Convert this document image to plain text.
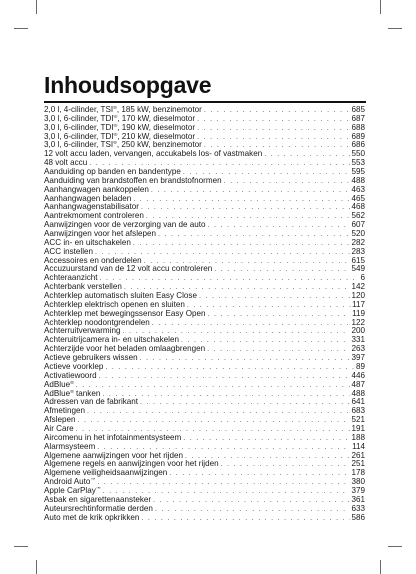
Inhoudsopgave
2,0 l, 4-cilinder, TSI®, 185 kW, benzinemotor . . .	685
3,0 l, 6-cilinder, TDI®, 170 kW, dieselmotor . . .	687
3,0 l, 6-cilinder, TDI®, 190 kW, dieselmotor . . .	688
3,0 l, 6-cilinder, TDI®, 210 kW, dieselmotor . . .	689
3,0 l, 6-cilinder, TSI®, 250 kW, benzinemotor . . .	686
12 volt accu laden, vervangen, accukabels los- of vastmaken . . .	550
48 volt accu . . .	553
Aanduiding op banden en bandentype . . .	595
Aanduiding van brandstoffen en brandstofnormen . . .	488
Aanhangwagen aankoppelen . . .	463
Aanhangwagen beladen . . .	465
Aanhangwagenstabilisator . . .	468
Aantrekmoment controleren . . .	562
Aanwijzingen voor de verzorging van de auto . . .	607
Aanwijzingen voor het afslepen . . .	520
ACC in- en uitschakelen . . .	282
ACC instellen . . .	283
Accessoires en onderdelen . . .	615
Accuzuurstand van de 12 volt accu controleren . . .	549
Achteraanzicht . . .	6
Achterbank verstellen . . .	142
Achterklep automatisch sluiten Easy Close . . .	120
Achterklep elektrisch openen en sluiten . . .	117
Achterklep met bewegingssensor Easy Open . . .	119
Achterklep noodontgrendelen . . .	122
Achterruitverwarming . . .	200
Achteruitrijcamera in- en uitschakelen . . .	331
Achterzijde voor het beladen omlaagbrengen . . .	263
Actieve gebruikers wissen . . .	397
Actieve voorklep . . .	89
Activatiewoord . . .	446
AdBlue® . . .	487
AdBlue® tanken . . .	488
Adressen van de fabrikant . . .	641
Afmetingen . . .	683
Afslepen . . .	521
Air Care . . .	191
Aircomenu in het infotainmentsysteem . . .	188
Alarmsysteem . . .	114
Algemene aanwijzingen voor het rijden . . .	261
Algemene regels en aanwijzingen voor het rijden . . .	251
Algemene veiligheidsaanwijzingen . . .	178
Android Auto™ . . .	380
Apple CarPlay™ . . .	379
Asbak en sigarettenaansteker . . .	361
Auteursrechtinformatie derden . . .	633
Auto met de krik opkrikken . . .	586
